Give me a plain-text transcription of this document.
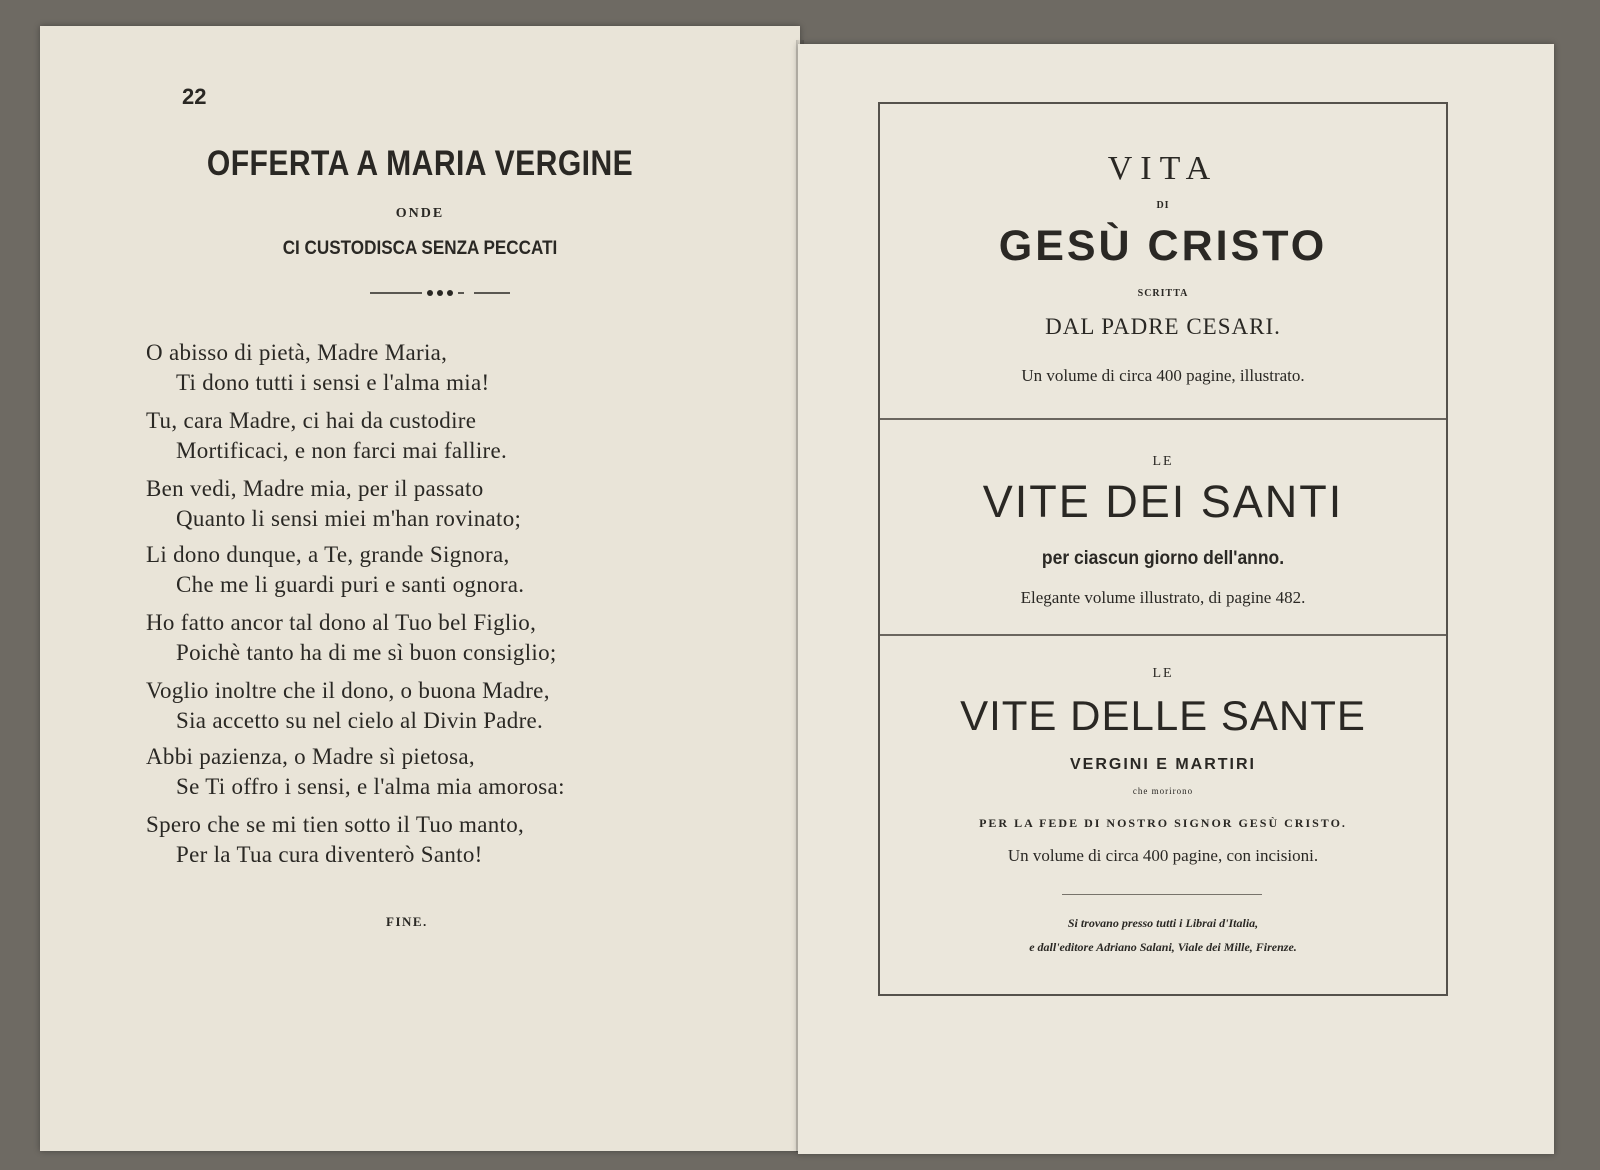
22
OFFERTA A MARIA VERGINE
ONDE
CI CUSTODISCA SENZA PECCATI
O abisso di pietà, Madre Maria,
Ti dono tutti i sensi e l'alma mia!
Tu, cara Madre, ci hai da custodire
Mortificaci, e non farci mai fallire.
Ben vedi, Madre mia, per il passato
Quanto li sensi miei m'han rovinato;
Li dono dunque, a Te, grande Signora,
Che me li guardi puri e santi ognora.
Ho fatto ancor tal dono al Tuo bel Figlio,
Poichè tanto ha di me sì buon consiglio;
Voglio inoltre che il dono, o buona Madre,
Sia accetto su nel cielo al Divin Padre.
Abbi pazienza, o Madre sì pietosa,
Se Ti offro i sensi, e l'alma mia amorosa:
Spero che se mi tien sotto il Tuo manto,
Per la Tua cura diventerò Santo!
FINE.
VITA
DI
GESÙ CRISTO
SCRITTA
DAL PADRE CESARI.
Un volume di circa 400 pagine, illustrato.
LE
VITE DEI SANTI
per ciascun giorno dell'anno.
Elegante volume illustrato, di pagine 482.
LE
VITE DELLE SANTE
VERGINI E MARTIRI
che morirono
PER LA FEDE DI NOSTRO SIGNOR GESÙ CRISTO.
Un volume di circa 400 pagine, con incisioni.
Si trovano presso tutti i Librai d'Italia,
e dall'editore Adriano Salani, Viale dei Mille, Firenze.
